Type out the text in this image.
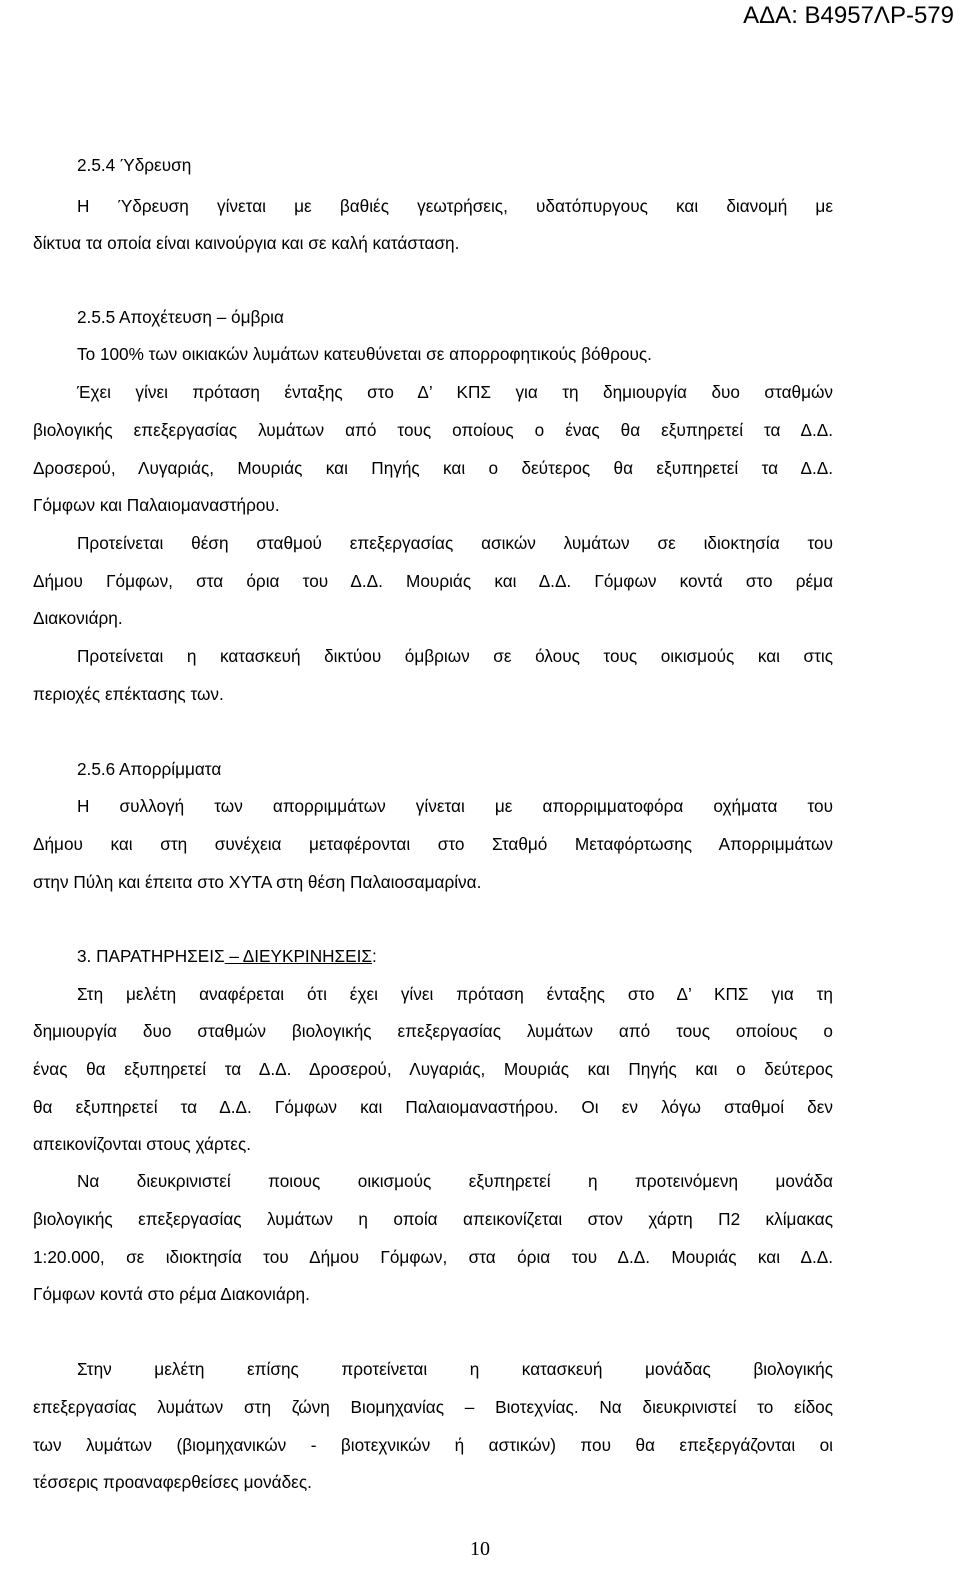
ΑΔΑ: Β4957ΛΡ-579
2.5.4 Ύδρευση
Η Ύδρευση γίνεται με βαθιές γεωτρήσεις, υδατόπυργους και διανομή με
δίκτυα τα οποία είναι καινούργια και σε καλή κατάσταση.
2.5.5 Αποχέτευση – όμβρια
Το 100% των οικιακών λυμάτων κατευθύνεται σε απορροφητικούς βόθρους.
Έχει γίνει πρόταση ένταξης στο Δ’ ΚΠΣ για τη δημιουργία δυο σταθμών
βιολογικής επεξεργασίας λυμάτων από τους οποίους ο ένας θα εξυπηρετεί τα Δ.Δ.
Δροσερού, Λυγαριάς, Μουριάς και Πηγής και ο δεύτερος θα εξυπηρετεί τα Δ.Δ.
Γόμφων και Παλαιομαναστήρου.
Προτείνεται θέση σταθμού επεξεργασίας ασικών λυμάτων σε ιδιοκτησία του
Δήμου Γόμφων, στα όρια του Δ.Δ. Μουριάς και Δ.Δ. Γόμφων κοντά στο ρέμα
Διακονιάρη.
Προτείνεται η κατασκευή δικτύου όμβριων σε όλους τους οικισμούς και στις
περιοχές επέκτασης των.
2.5.6 Απορρίμματα
Η συλλογή των απορριμμάτων γίνεται με απορριμματοφόρα οχήματα του
Δήμου και στη συνέχεια μεταφέρονται στο Σταθμό Μεταφόρτωσης Απορριμμάτων
στην Πύλη και έπειτα στο ΧΥΤΑ στη θέση Παλαιοσαμαρίνα.
3. ΠΑΡΑΤΗΡΗΣΕΙΣ – ΔΙΕΥΚΡΙΝΗΣΕΙΣ:
Στη μελέτη αναφέρεται ότι έχει γίνει πρόταση ένταξης στο Δ’ ΚΠΣ για τη
δημιουργία δυο σταθμών βιολογικής επεξεργασίας λυμάτων από τους οποίους ο
ένας θα εξυπηρετεί τα Δ.Δ. Δροσερού, Λυγαριάς, Μουριάς και Πηγής και ο δεύτερος
θα εξυπηρετεί τα Δ.Δ. Γόμφων και Παλαιομαναστήρου. Οι εν λόγω σταθμοί δεν
απεικονίζονται στους χάρτες.
Να διευκρινιστεί ποιους οικισμούς εξυπηρετεί η προτεινόμενη μονάδα
βιολογικής επεξεργασίας λυμάτων η οποία απεικονίζεται στον χάρτη Π2 κλίμακας
1:20.000, σε ιδιοκτησία του Δήμου Γόμφων, στα όρια του Δ.Δ. Μουριάς και Δ.Δ.
Γόμφων κοντά στο ρέμα Διακονιάρη.
Στην μελέτη επίσης προτείνεται η κατασκευή μονάδας βιολογικής
επεξεργασίας λυμάτων στη ζώνη Βιομηχανίας – Βιοτεχνίας. Να διευκρινιστεί το είδος
των λυμάτων (βιομηχανικών - βιοτεχνικών ή αστικών) που θα επεξεργάζονται οι
τέσσερις προαναφερθείσες μονάδες.
10
